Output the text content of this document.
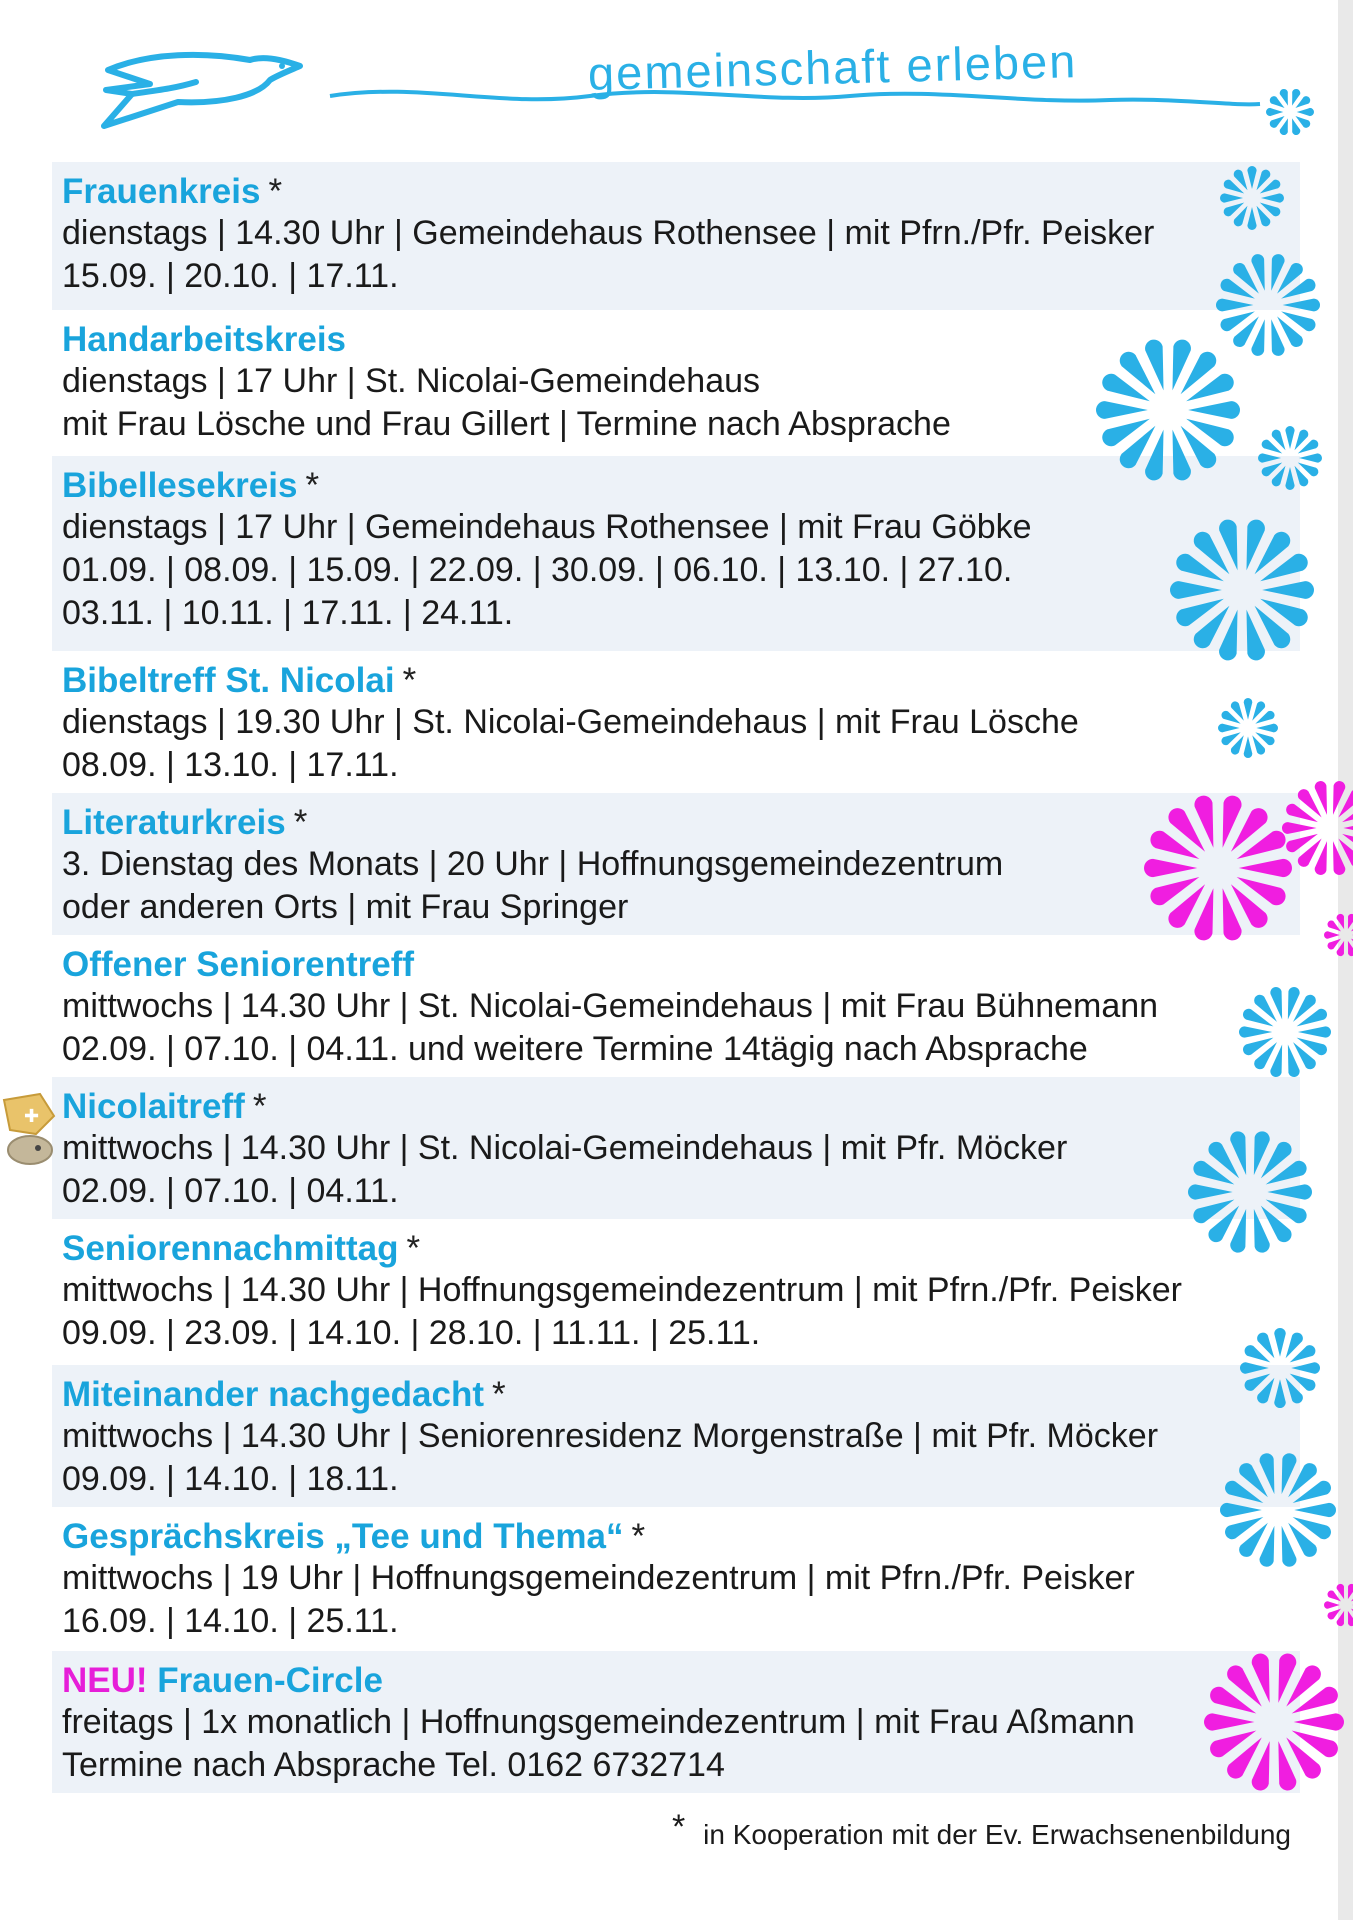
gemeinschaft erleben
Frauenkreis *
dienstags | 14.30 Uhr | Gemeindehaus Rothensee | mit Pfrn./Pfr. Peisker
15.09. | 20.10. | 17.11.
Handarbeitskreis
dienstags | 17 Uhr | St. Nicolai-Gemeindehaus
mit Frau Lösche und Frau Gillert | Termine nach Absprache
Bibellesekreis *
dienstags | 17 Uhr | Gemeindehaus Rothensee | mit Frau Göbke
01.09. | 08.09. | 15.09. | 22.09. | 30.09. | 06.10. | 13.10. | 27.10.
03.11. | 10.11. | 17.11. | 24.11.
Bibeltreff St. Nicolai *
dienstags | 19.30 Uhr | St. Nicolai-Gemeindehaus | mit Frau Lösche
08.09. | 13.10. | 17.11.
Literaturkreis *
3. Dienstag des Monats | 20 Uhr | Hoffnungsgemeindezentrum
oder anderen Orts | mit Frau Springer
Offener Seniorentreff
mittwochs | 14.30 Uhr | St. Nicolai-Gemeindehaus | mit Frau Bühnemann
02.09. | 07.10. | 04.11. und weitere Termine 14tägig nach Absprache
Nicolaitreff *
mittwochs | 14.30 Uhr | St. Nicolai-Gemeindehaus | mit Pfr. Möcker
02.09. | 07.10. | 04.11.
Seniorennachmittag *
mittwochs | 14.30 Uhr | Hoffnungsgemeindezentrum | mit Pfrn./Pfr. Peisker
09.09. | 23.09. | 14.10. | 28.10. | 11.11. | 25.11.
Miteinander nachgedacht *
mittwochs | 14.30 Uhr | Seniorenresidenz Morgenstraße | mit Pfr. Möcker
09.09. | 14.10. | 18.11.
Gesprächskreis „Tee und Thema“ *
mittwochs | 19 Uhr | Hoffnungsgemeindezentrum | mit Pfrn./Pfr. Peisker
16.09. | 14.10. | 25.11.
NEU! Frauen-Circle
freitags | 1x monatlich | Hoffnungsgemeindezentrum | mit Frau Aßmann
Termine nach Absprache Tel. 0162 6732714
✚
* in Kooperation mit der Ev. Erwachsenenbildung
